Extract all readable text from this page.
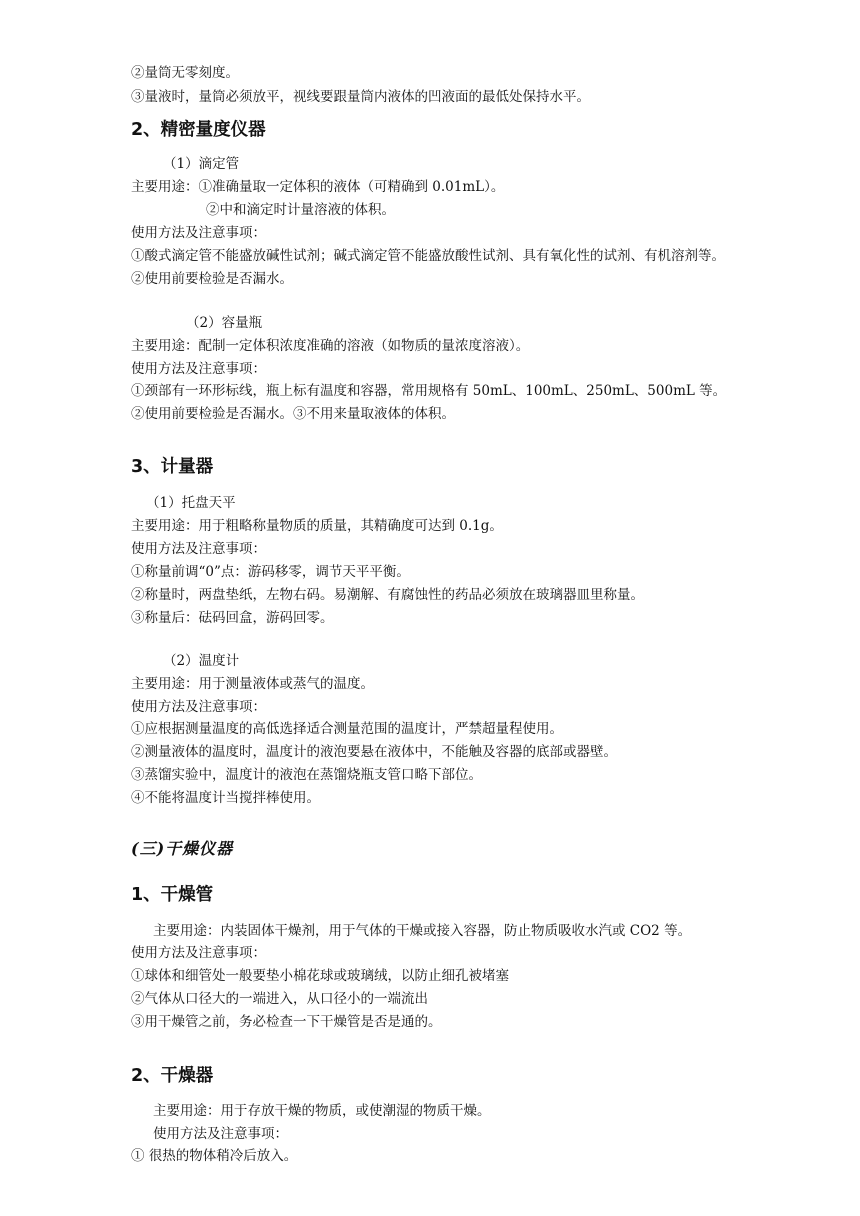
②量筒无零刻度。
③量液时，量筒必须放平，视线要跟量筒内液体的凹液面的最低处保持水平。
2、精密量度仪器
（1）滴定管
主要用途：①准确量取一定体积的液体（可精确到 0.01mL）。
②中和滴定时计量溶液的体积。
使用方法及注意事项：
①酸式滴定管不能盛放碱性试剂；碱式滴定管不能盛放酸性试剂、具有氧化性的试剂、有机溶剂等。
②使用前要检验是否漏水。
（2）容量瓶
主要用途：配制一定体积浓度准确的溶液（如物质的量浓度溶液）。
使用方法及注意事项：
①颈部有一环形标线，瓶上标有温度和容器，常用规格有 50mL、100mL、250mL、500mL 等。
②使用前要检验是否漏水。③不用来量取液体的体积。
3、计量器
（1）托盘天平
主要用途：用于粗略称量物质的质量，其精确度可达到 0.1g。
使用方法及注意事项：
①称量前调“0”点：游码移零，调节天平平衡。
②称量时，两盘垫纸，左物右码。易潮解、有腐蚀性的药品必须放在玻璃器皿里称量。
③称量后：砝码回盒，游码回零。
（2）温度计
主要用途：用于测量液体或蒸气的温度。
使用方法及注意事项：
①应根据测量温度的高低选择适合测量范围的温度计，严禁超量程使用。
②测量液体的温度时，温度计的液泡要悬在液体中，不能触及容器的底部或器壁。
③蒸馏实验中，温度计的液泡在蒸馏烧瓶支管口略下部位。
④不能将温度计当搅拌棒使用。
(三)干燥仪器
1、干燥管
主要用途：内装固体干燥剂，用于气体的干燥或接入容器，防止物质吸收水汽或 CO2 等。
使用方法及注意事项：
①球体和细管处一般要垫小棉花球或玻璃绒，以防止细孔被堵塞
②气体从口径大的一端进入，从口径小的一端流出
③用干燥管之前，务必检查一下干燥管是否是通的。
2、干燥器
主要用途：用于存放干燥的物质，或使潮湿的物质干燥。
使用方法及注意事项：
① 很热的物体稍冷后放入。
